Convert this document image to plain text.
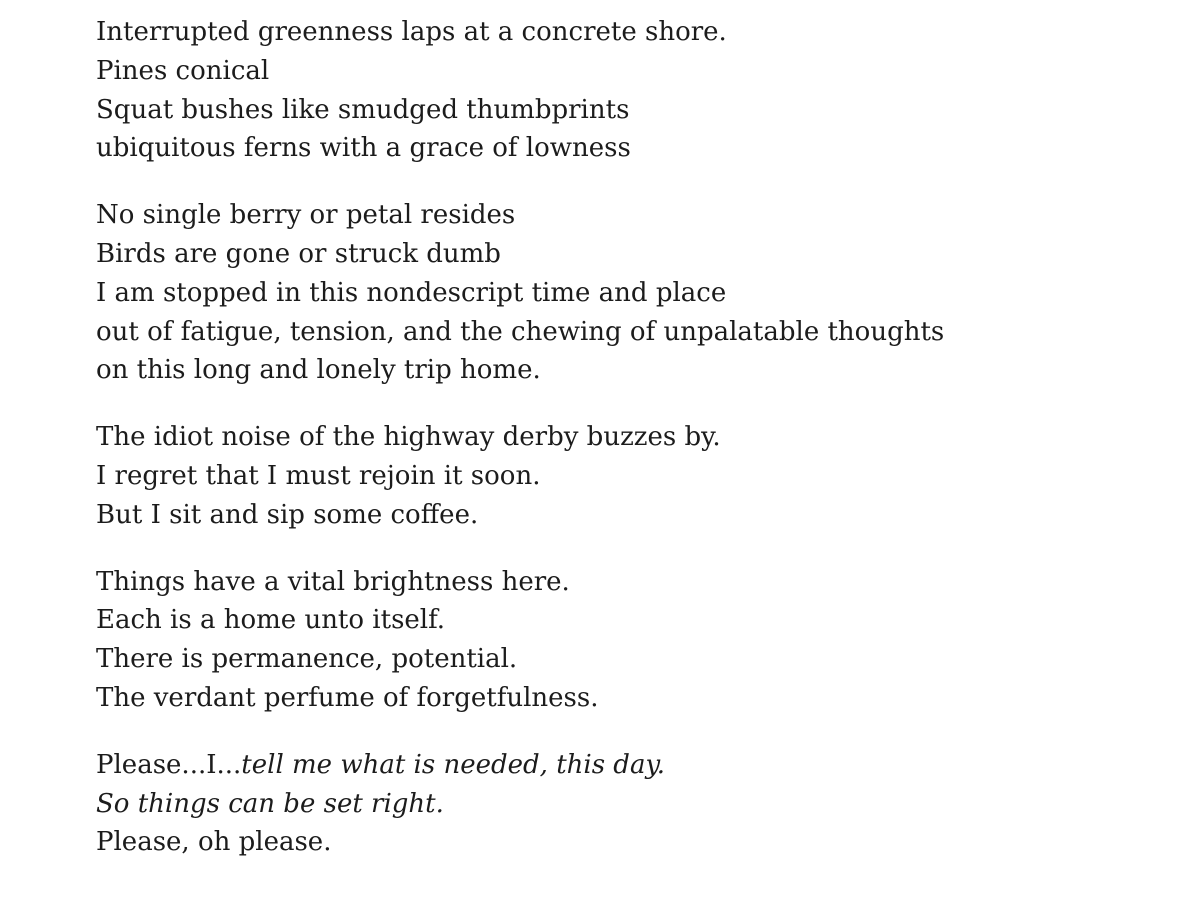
Interrupted greenness laps at a concrete shore.
Pines conical
Squat bushes like smudged thumbprints
ubiquitous ferns with a grace of lowness
No single berry or petal resides
Birds are gone or struck dumb
I am stopped in this nondescript time and place
out of fatigue, tension, and the chewing of unpalatable thoughts
on this long and lonely trip home.
The idiot noise of the highway derby buzzes by.
I regret that I must rejoin it soon.
But I sit and sip some coffee.
Things have a vital brightness here.
Each is a home unto itself.
There is permanence, potential.
The verdant perfume of forgetfulness.
Please...I...tell me what is needed, this day.
So things can be set right.
Please, oh please.
